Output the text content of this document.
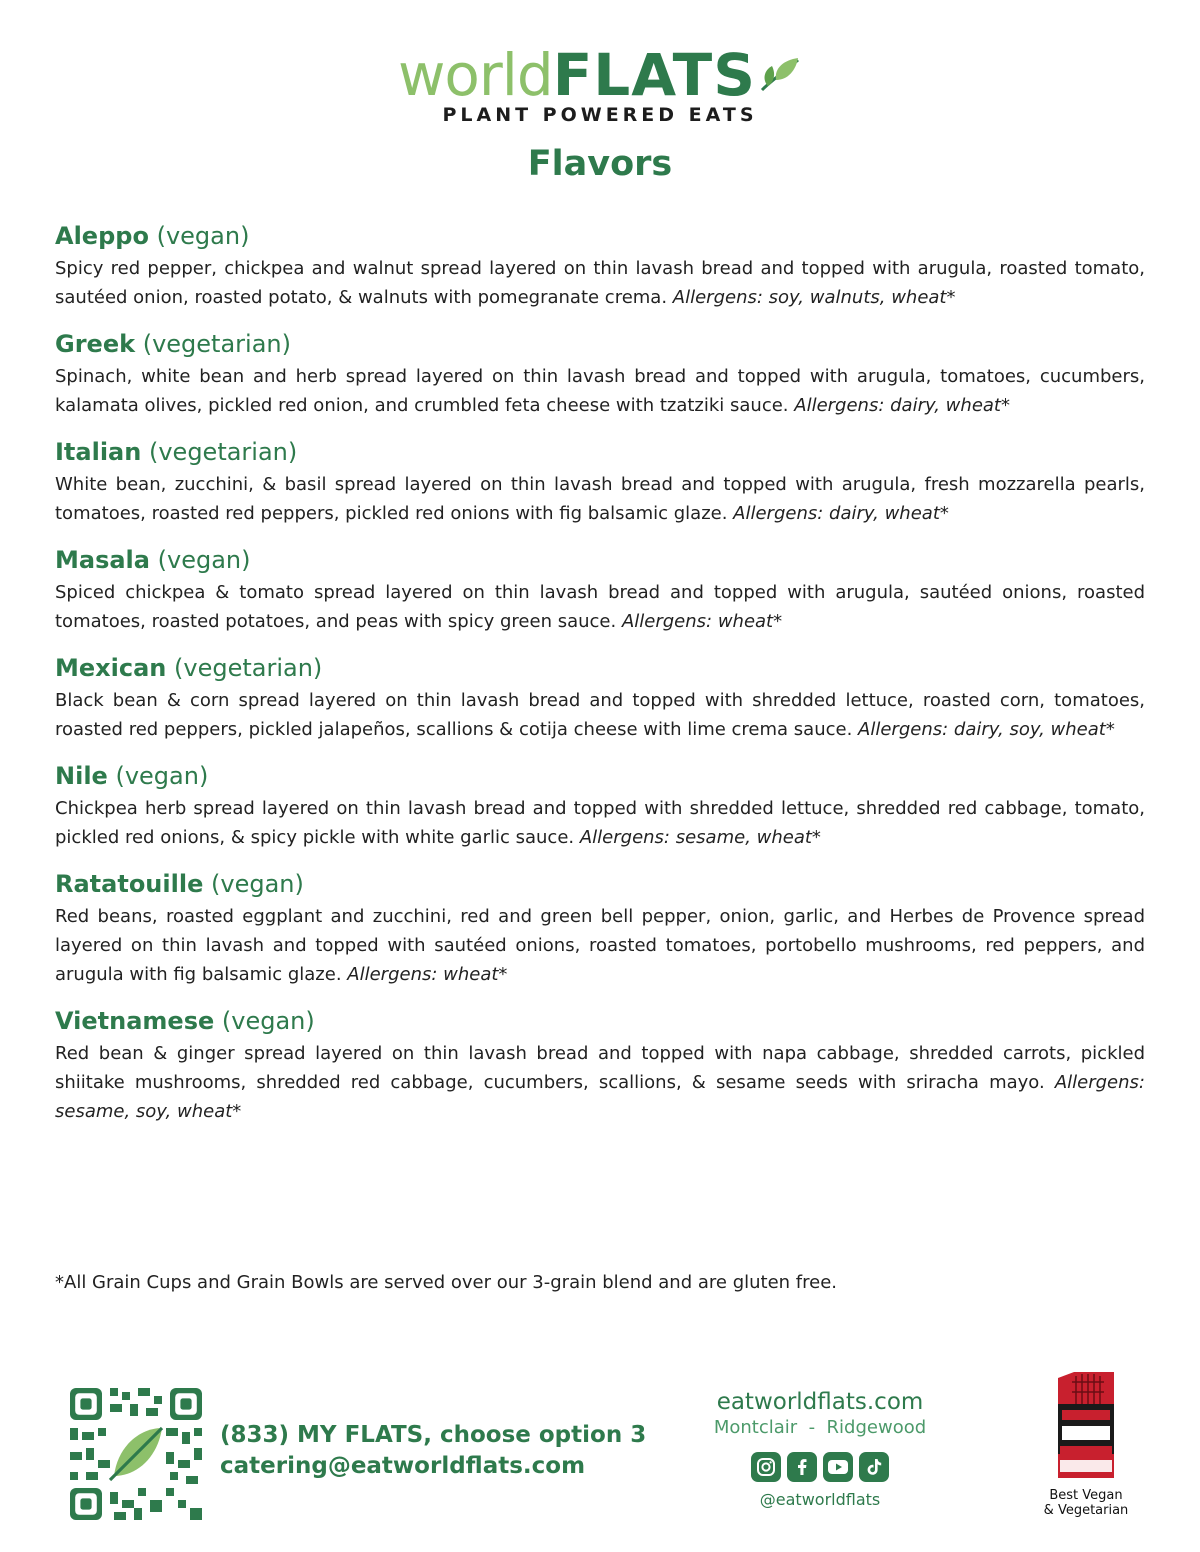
world FLATS
PLANT POWERED EATS
Flavors
Aleppo (vegan)
Spicy red pepper, chickpea and walnut spread layered on thin lavash bread and topped with arugula, roasted tomato, sautéed onion, roasted potato, & walnuts with pomegranate crema. Allergens: soy, walnuts, wheat*
Greek (vegetarian)
Spinach, white bean and herb spread layered on thin lavash bread and topped with arugula, tomatoes, cucumbers, kalamata olives, pickled red onion, and crumbled feta cheese with tzatziki sauce. Allergens: dairy, wheat*
Italian (vegetarian)
White bean, zucchini, & basil spread layered on thin lavash bread and topped with arugula, fresh mozzarella pearls, tomatoes, roasted red peppers, pickled red onions with fig balsamic glaze. Allergens: dairy, wheat*
Masala (vegan)
Spiced chickpea & tomato spread layered on thin lavash bread and topped with arugula, sautéed onions, roasted tomatoes, roasted potatoes, and peas with spicy green sauce. Allergens: wheat*
Mexican (vegetarian)
Black bean & corn spread layered on thin lavash bread and topped with shredded lettuce, roasted corn, tomatoes, roasted red peppers, pickled jalapeños, scallions & cotija cheese with lime crema sauce. Allergens: dairy, soy, wheat*
Nile (vegan)
Chickpea herb spread layered on thin lavash bread and topped with shredded lettuce, shredded red cabbage, tomato, pickled red onions, & spicy pickle with white garlic sauce. Allergens: sesame, wheat*
Ratatouille (vegan)
Red beans, roasted eggplant and zucchini, red and green bell pepper, onion, garlic, and Herbes de Provence spread layered on thin lavash and topped with sautéed onions, roasted tomatoes, portobello mushrooms, red peppers, and arugula with fig balsamic glaze. Allergens: wheat*
Vietnamese (vegan)
Red bean & ginger spread layered on thin lavash bread and topped with napa cabbage, shredded carrots, pickled shiitake mushrooms, shredded red cabbage, cucumbers, scallions, & sesame seeds with sriracha mayo. Allergens: sesame, soy, wheat*
*All Grain Cups and Grain Bowls are served over our 3-grain blend and are gluten free.
(833) MY FLATS, choose option 3
catering@eatworldflats.com
eatworldflats.com
Montclair  -  Ridgewood
@eatworldflats	Best Vegan
& Vegetarian
